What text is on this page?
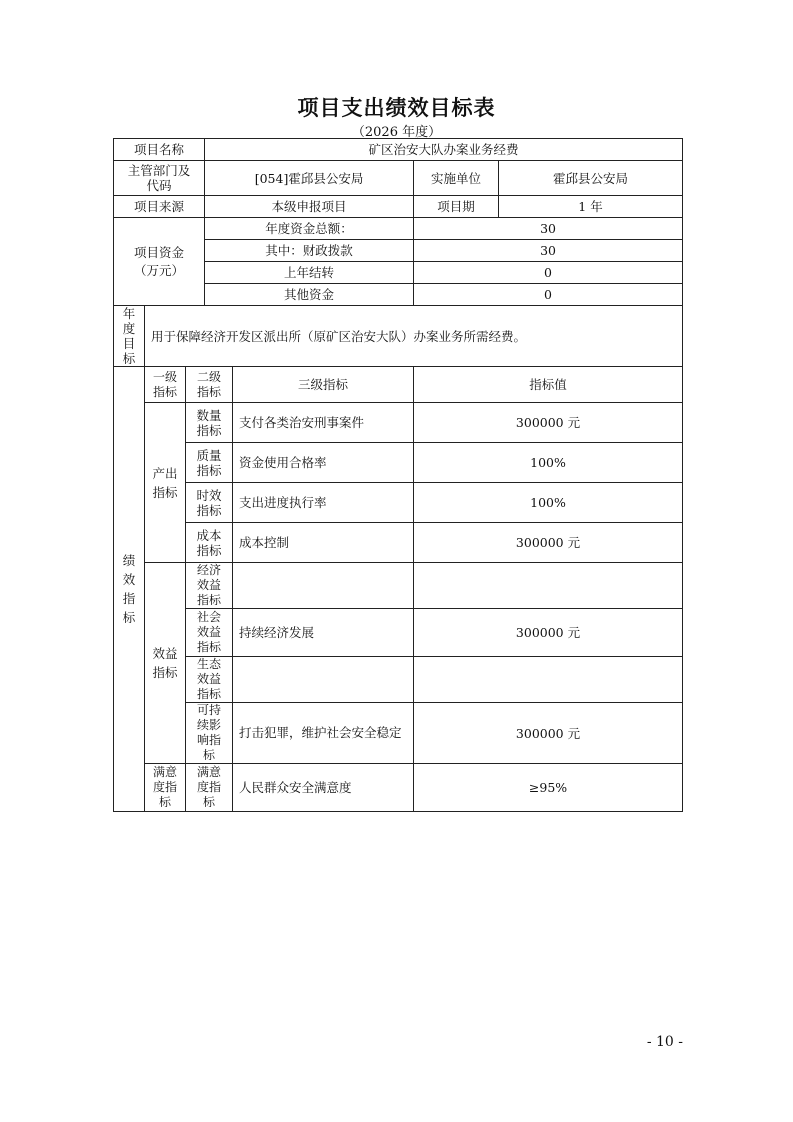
项目支出绩效目标表
（2026 年度）
项目名称			矿区治安大队办案业务经费			

主管部门及代码			[054]霍邱县公安局		实施单位	霍邱县公安局
项目来源			本级申报项目		项目期	1 年

项目资金（万元）			年度资金总额：		30	
			其中：财政拨款		30	
			上年结转		0	
			其他资金		0	

年度目标	用于保障经济开发区派出所（原矿区治安大队）办案业务所需经费。					

绩效指标	一级指标	二级指标		三级指标	指标值	

	产出指标	数量指标		支付各类治安刑事案件	300000 元	

		质量指标		资金使用合格率	100%	

		时效指标		支出进度执行率	100%	

		成本指标		成本控制	300000 元	

	效益指标	经济效益指标				

		社会效益指标		持续经济发展	300000 元	

		生态效益指标				

		可持续影响指标		打击犯罪，维护社会安全稳定	300000 元	

	满意度指标	满意度指标		人民群众安全满意度	≥95%	
- 10 -
